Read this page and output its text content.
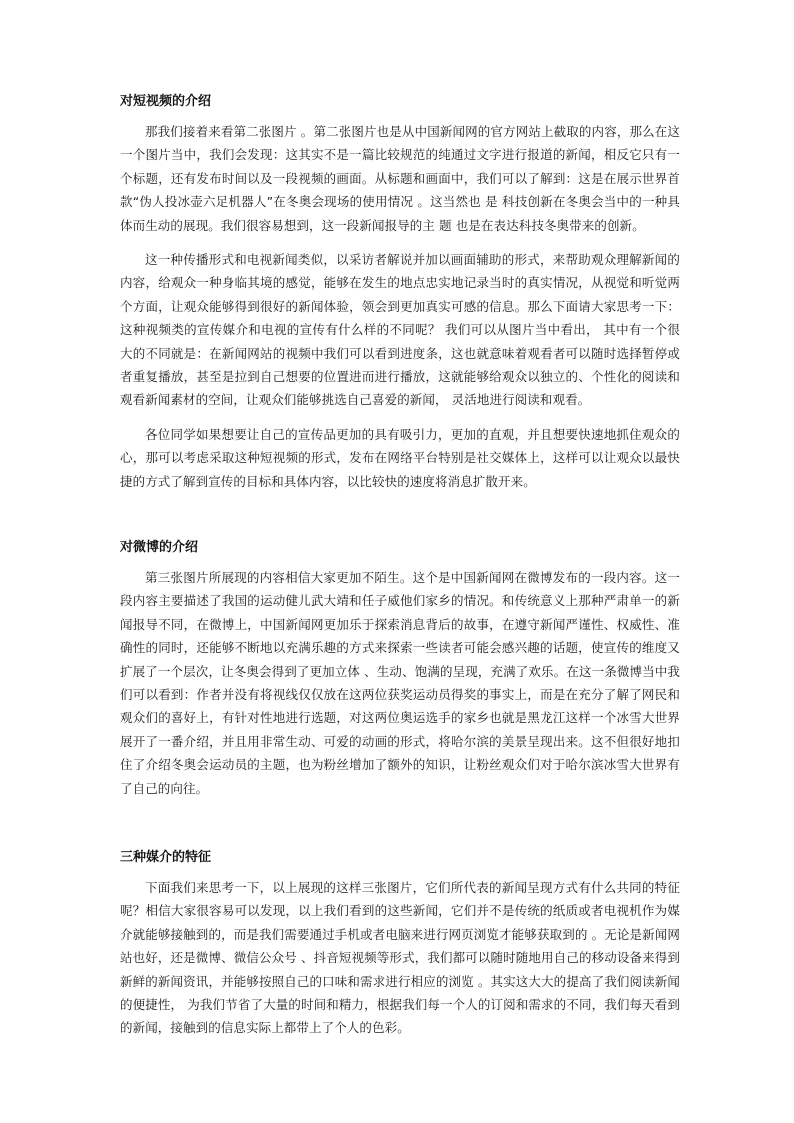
对短视频的介绍

那我们接着来看第二张图片 。第二张图片也是从中国新闻网的官方网站上截取的内容，那么在这一个图片当中，我们会发现：这其实不是一篇比较规范的纯通过文字进行报道的新闻，相反它只有一个标题，还有发布时间以及一段视频的画面。从标题和画面中，我们可以了解到：这是在展示世界首款“伪人投冰壶六足机器人”在冬奥会现场的使用情况 。这当然也 是 科技创新在冬奥会当中的一种具体而生动的展现。我们很容易想到，这一段新闻报导的主 题 也是在表达科技冬奥带来的创新。

这一种传播形式和电视新闻类似，以采访者解说并加以画面辅助的形式，来帮助观众理解新闻的内容，给观众一种身临其境的感觉，能够在发生的地点忠实地记录当时的真实情况，从视觉和听觉两个方面，让观众能够得到很好的新闻体验，领会到更加真实可感的信息。那么下面请大家思考一下：这种视频类的宣传媒介和电视的宣传有什么样的不同呢？ 我们可以从图片当中看出， 其中有一个很大的不同就是：在新闻网站的视频中我们可以看到进度条，这也就意味着观看者可以随时选择暂停或者重复播放，甚至是拉到自己想要的位置进而进行播放，这就能够给观众以独立的、个性化的阅读和观看新闻素材的空间，让观众们能够挑选自己喜爱的新闻， 灵活地进行阅读和观看。

各位同学如果想要让自己的宣传品更加的具有吸引力，更加的直观，并且想要快速地抓住观众的心，那可以考虑采取这种短视频的形式，发布在网络平台特别是社交媒体上，这样可以让观众以最快捷的方式了解到宣传的目标和具体内容，以比较快的速度将消息扩散开来。

对微博的介绍

第三张图片所展现的内容相信大家更加不陌生。这个是中国新闻网在微博发布的一段内容。这一段内容主要描述了我国的运动健儿武大靖和任子威他们家乡的情况。和传统意义上那种严肃单一的新闻报导不同，在微博上，中国新闻网更加乐于探索消息背后的故事，在遵守新闻严谨性、权威性、准确性的同时，还能够不断地以充满乐趣的方式来探索一些读者可能会感兴趣的话题，使宣传的维度又扩展了一个层次，让冬奥会得到了更加立体 、生动、饱满的呈现，充满了欢乐。在这一条微博当中我们可以看到：作者并没有将视线仅仅放在这两位获奖运动员得奖的事实上，而是在充分了解了网民和观众们的喜好上，有针对性地进行选题，对这两位奥运选手的家乡也就是黑龙江这样一个冰雪大世界展开了一番介绍，并且用非常生动、可爱的动画的形式，将哈尔滨的美景呈现出来。这不但很好地扣住了介绍冬奥会运动员的主题，也为粉丝增加了额外的知识，让粉丝观众们对于哈尔滨冰雪大世界有了自己的向往。

三种媒介的特征

下面我们来思考一下，以上展现的这样三张图片，它们所代表的新闻呈现方式有什么共同的特征呢？相信大家很容易可以发现，以上我们看到的这些新闻，它们并不是传统的纸质或者电视机作为媒介就能够接触到的，而是我们需要通过手机或者电脑来进行网页浏览才能够获取到的 。无论是新闻网站也好，还是微博、微信公众号 、抖音短视频等形式，我们都可以随时随地用自己的移动设备来得到新鲜的新闻资讯，并能够按照自己的口味和需求进行相应的浏览 。其实这大大的提高了我们阅读新闻的便捷性， 为我们节省了大量的时间和精力，根据我们每一个人的订阅和需求的不同，我们每天看到的新闻，接触到的信息实际上都带上了个人的色彩。
